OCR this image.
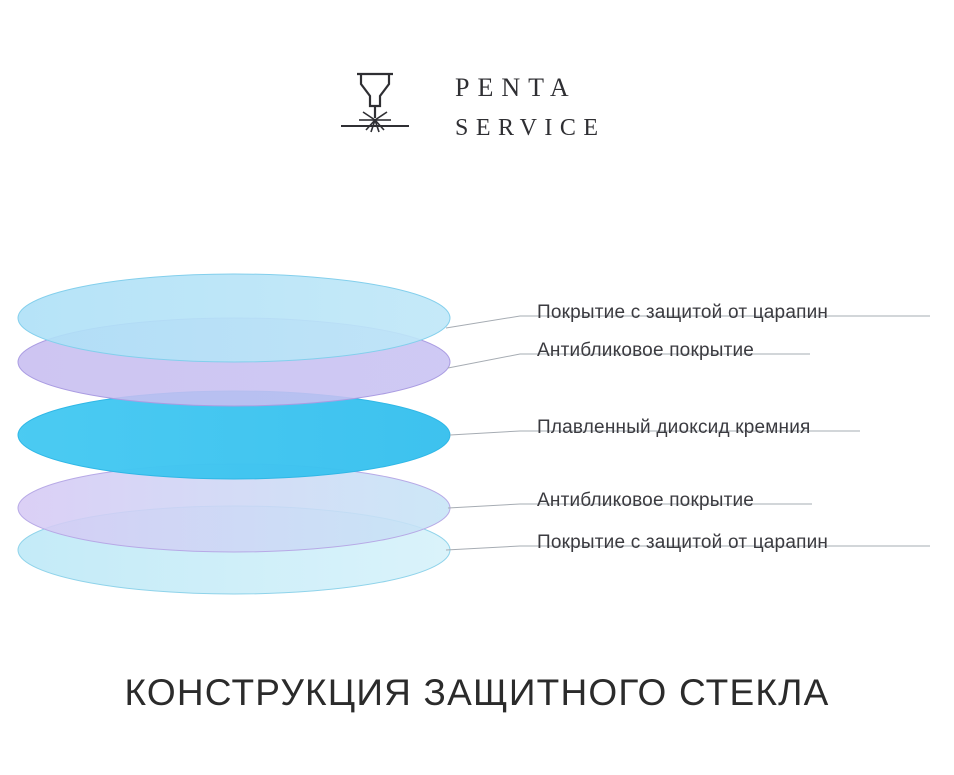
PENTA
SERVICE
Покрытие с защитой от царапин
Антибликовое покрытие
Плавленный диоксид кремния
Антибликовое покрытие
Покрытие с защитой от царапин
КОНСТРУКЦИЯ ЗАЩИТНОГО СТЕКЛА
